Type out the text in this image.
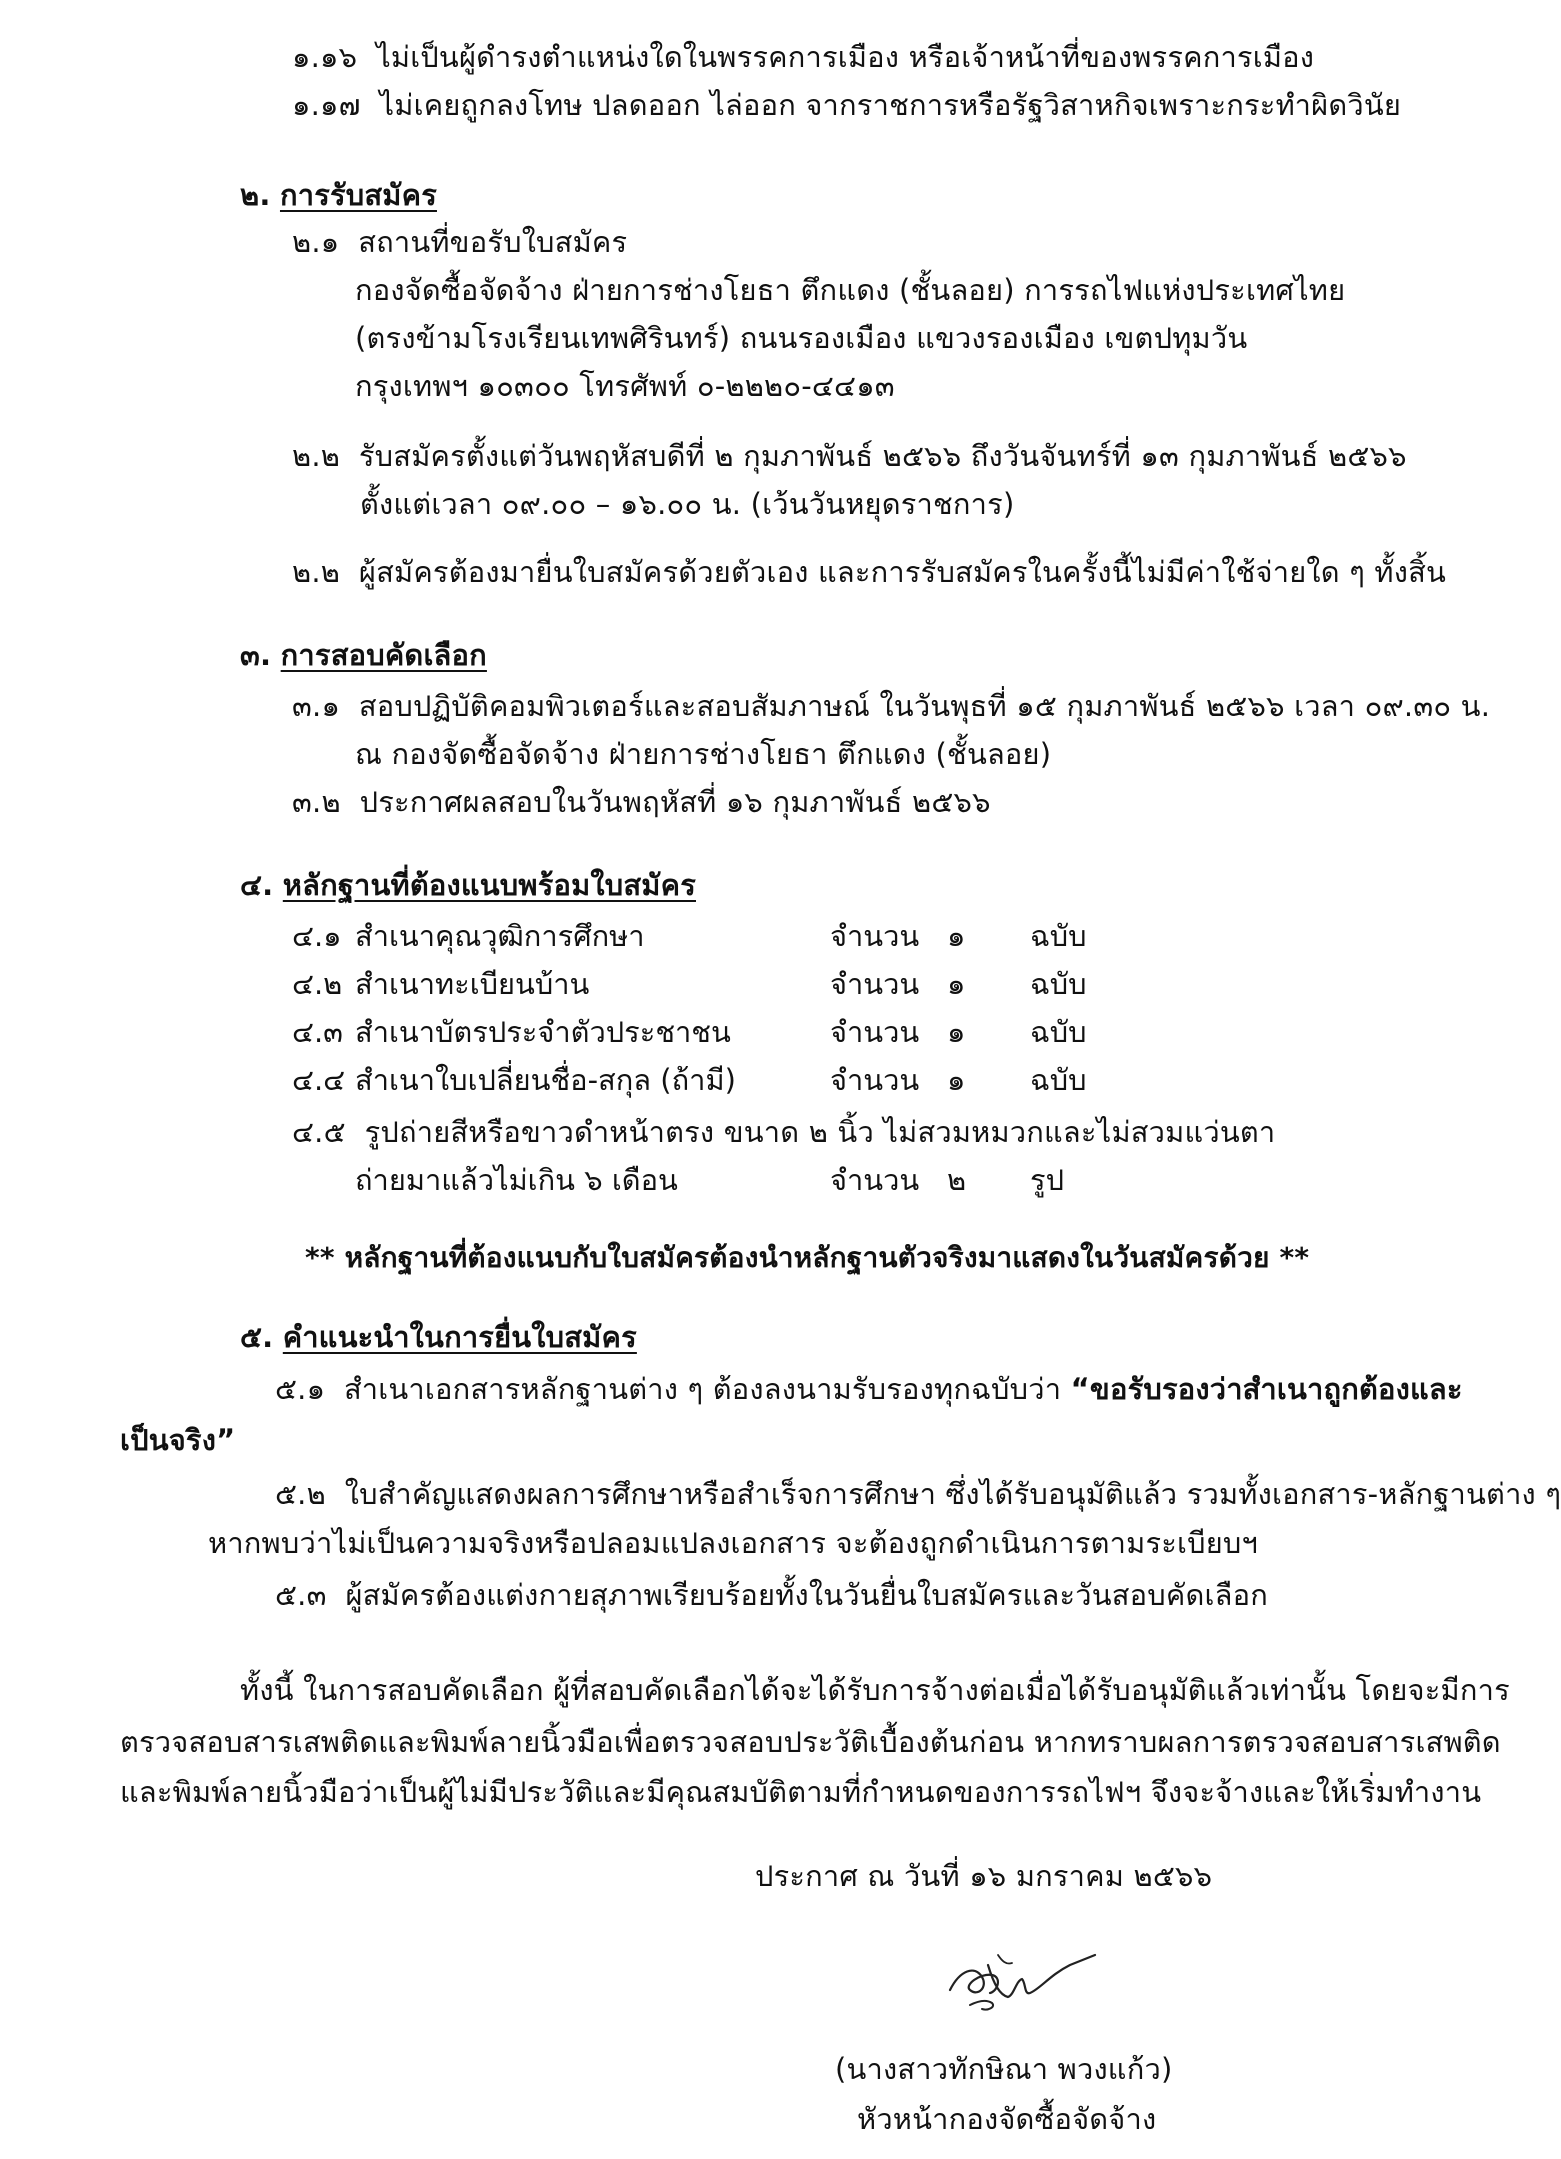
๑.๑๖ ไม่เป็นผู้ดำรงตำแหน่งใดในพรรคการเมือง หรือเจ้าหน้าที่ของพรรคการเมือง
๑.๑๗ ไม่เคยถูกลงโทษ ปลดออก ไล่ออก จากราชการหรือรัฐวิสาหกิจเพราะกระทำผิดวินัย
๒. การรับสมัคร
๒.๑ สถานที่ขอรับใบสมัคร
กองจัดซื้อจัดจ้าง ฝ่ายการช่างโยธา ตึกแดง (ชั้นลอย) การรถไฟแห่งประเทศไทย
(ตรงข้ามโรงเรียนเทพศิรินทร์) ถนนรองเมือง แขวงรองเมือง เขตปทุมวัน
กรุงเทพฯ ๑๐๓๐๐ โทรศัพท์ ๐-๒๒๒๐-๔๔๑๓
๒.๒ รับสมัครตั้งแต่วันพฤหัสบดีที่ ๒ กุมภาพันธ์ ๒๕๖๖ ถึงวันจันทร์ที่ ๑๓ กุมภาพันธ์ ๒๕๖๖
ตั้งแต่เวลา ๐๙.๐๐ – ๑๖.๐๐ น. (เว้นวันหยุดราชการ)
๒.๒ ผู้สมัครต้องมายื่นใบสมัครด้วยตัวเอง และการรับสมัครในครั้งนี้ไม่มีค่าใช้จ่ายใด ๆ ทั้งสิ้น
๓. การสอบคัดเลือก
๓.๑ สอบปฏิบัติคอมพิวเตอร์และสอบสัมภาษณ์ ในวันพุธที่ ๑๕ กุมภาพันธ์ ๒๕๖๖ เวลา ๐๙.๓๐ น.
ณ กองจัดซื้อจัดจ้าง ฝ่ายการช่างโยธา ตึกแดง (ชั้นลอย)
๓.๒ ประกาศผลสอบในวันพฤหัสที่ ๑๖ กุมภาพันธ์ ๒๕๖๖
๔. หลักฐานที่ต้องแนบพร้อมใบสมัคร
๔.๑ สำเนาคุณวุฒิการศึกษา	จำนวน ๑ ฉบับ
๔.๒ สำเนาทะเบียนบ้าน	จำนวน ๑ ฉบับ
๔.๓ สำเนาบัตรประจำตัวประชาชน	จำนวน ๑ ฉบับ
๔.๔ สำเนาใบเปลี่ยนชื่อ-สกุล (ถ้ามี)	จำนวน ๑ ฉบับ
๔.๕ รูปถ่ายสีหรือขาวดำหน้าตรง ขนาด ๒ นิ้ว ไม่สวมหมวกและไม่สวมแว่นตา
ถ่ายมาแล้วไม่เกิน ๖ เดือน	จำนวน ๒ รูป
** หลักฐานที่ต้องแนบกับใบสมัครต้องนำหลักฐานตัวจริงมาแสดงในวันสมัครด้วย **
๕. คำแนะนำในการยื่นใบสมัคร
๕.๑ สำเนาเอกสารหลักฐานต่าง ๆ ต้องลงนามรับรองทุกฉบับว่า “ขอรับรองว่าสำเนาถูกต้องและ
เป็นจริง”
๕.๒ ใบสำคัญแสดงผลการศึกษาหรือสำเร็จการศึกษา ซึ่งได้รับอนุมัติแล้ว รวมทั้งเอกสาร-หลักฐานต่าง ๆ
หากพบว่าไม่เป็นความจริงหรือปลอมแปลงเอกสาร จะต้องถูกดำเนินการตามระเบียบฯ
๕.๓ ผู้สมัครต้องแต่งกายสุภาพเรียบร้อยทั้งในวันยื่นใบสมัครและวันสอบคัดเลือก
ทั้งนี้ ในการสอบคัดเลือก ผู้ที่สอบคัดเลือกได้จะได้รับการจ้างต่อเมื่อได้รับอนุมัติแล้วเท่านั้น โดยจะมีการ
ตรวจสอบสารเสพติดและพิมพ์ลายนิ้วมือเพื่อตรวจสอบประวัติเบื้องต้นก่อน หากทราบผลการตรวจสอบสารเสพติด
และพิมพ์ลายนิ้วมือว่าเป็นผู้ไม่มีประวัติและมีคุณสมบัติตามที่กำหนดของการรถไฟฯ จึงจะจ้างและให้เริ่มทำงาน
ประกาศ ณ วันที่ ๑๖ มกราคม ๒๕๖๖
(นางสาวทักษิณา พวงแก้ว)
หัวหน้ากองจัดซื้อจัดจ้าง
